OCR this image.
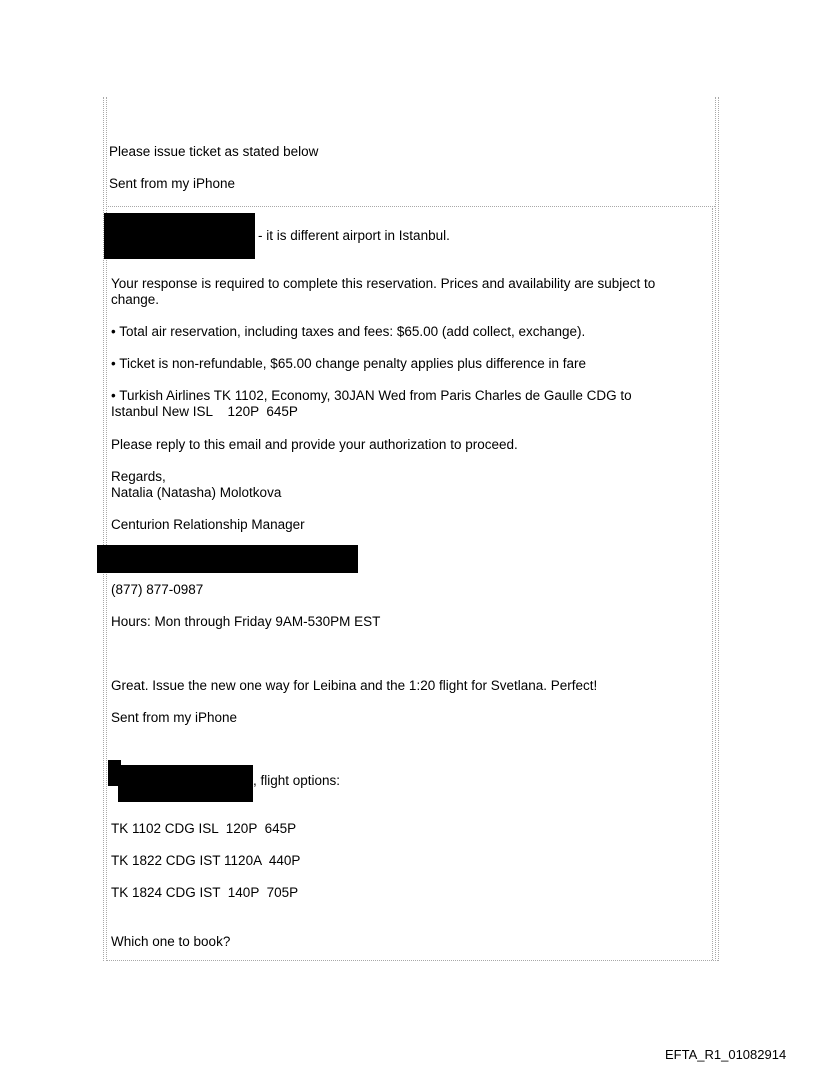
Please issue ticket as stated below
Sent from my iPhone
- it is different airport in Istanbul.
Your response is required to complete this reservation. Prices and availability are subject to
change.
• Total air reservation, including taxes and fees: $65.00 (add collect, exchange).
• Ticket is non-refundable, $65.00 change penalty applies plus difference in fare
• Turkish Airlines TK 1102, Economy, 30JAN Wed from Paris Charles de Gaulle CDG to
Istanbul New ISL    120P  645P
Please reply to this email and provide your authorization to proceed.
Regards,
Natalia (Natasha) Molotkova
Centurion Relationship Manager
(877) 877-0987
Hours: Mon through Friday 9AM-530PM EST
Great. Issue the new one way for Leibina and the 1:20 flight for Svetlana. Perfect!
Sent from my iPhone
, flight options:
TK 1102 CDG ISL  120P  645P
TK 1822 CDG IST 1120A  440P
TK 1824 CDG IST  140P  705P
Which one to book?
EFTA_R1_01082914
